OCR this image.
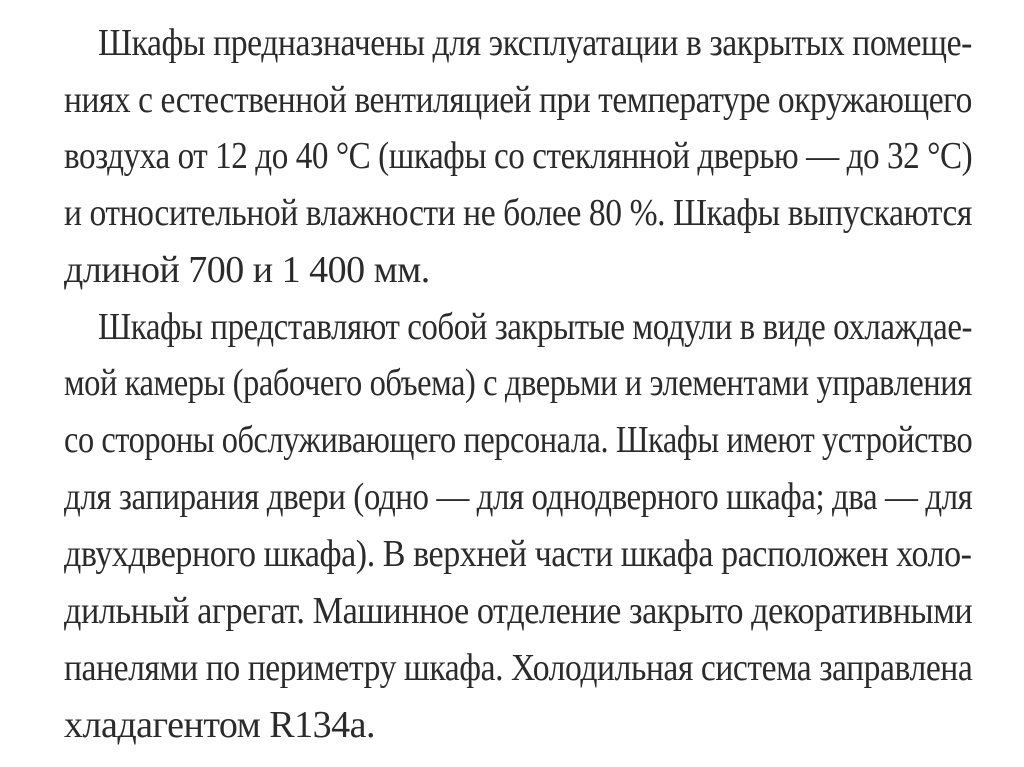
Шкафы предназначены для эксплуатации в закрытых помеще-
ниях с естественной вентиляцией при температуре окружающего
воздуха от 12 до 40 °С (шкафы со стеклянной дверью — до 32 °С)
и относительной влажности не более 80 %. Шкафы выпускаются
длиной 700 и 1 400 мм.
Шкафы представляют собой закрытые модули в виде охлаждае-
мой камеры (рабочего объема) с дверьми и элементами управления
со стороны обслуживающего персонала. Шкафы имеют устройство
для запирания двери (одно — для однодверного шкафа; два — для
двухдверного шкафа). В верхней части шкафа расположен холо-
дильный агрегат. Машинное отделение закрыто декоративными
панелями по периметру шкафа. Холодильная система заправлена
хладагентом R134a.
